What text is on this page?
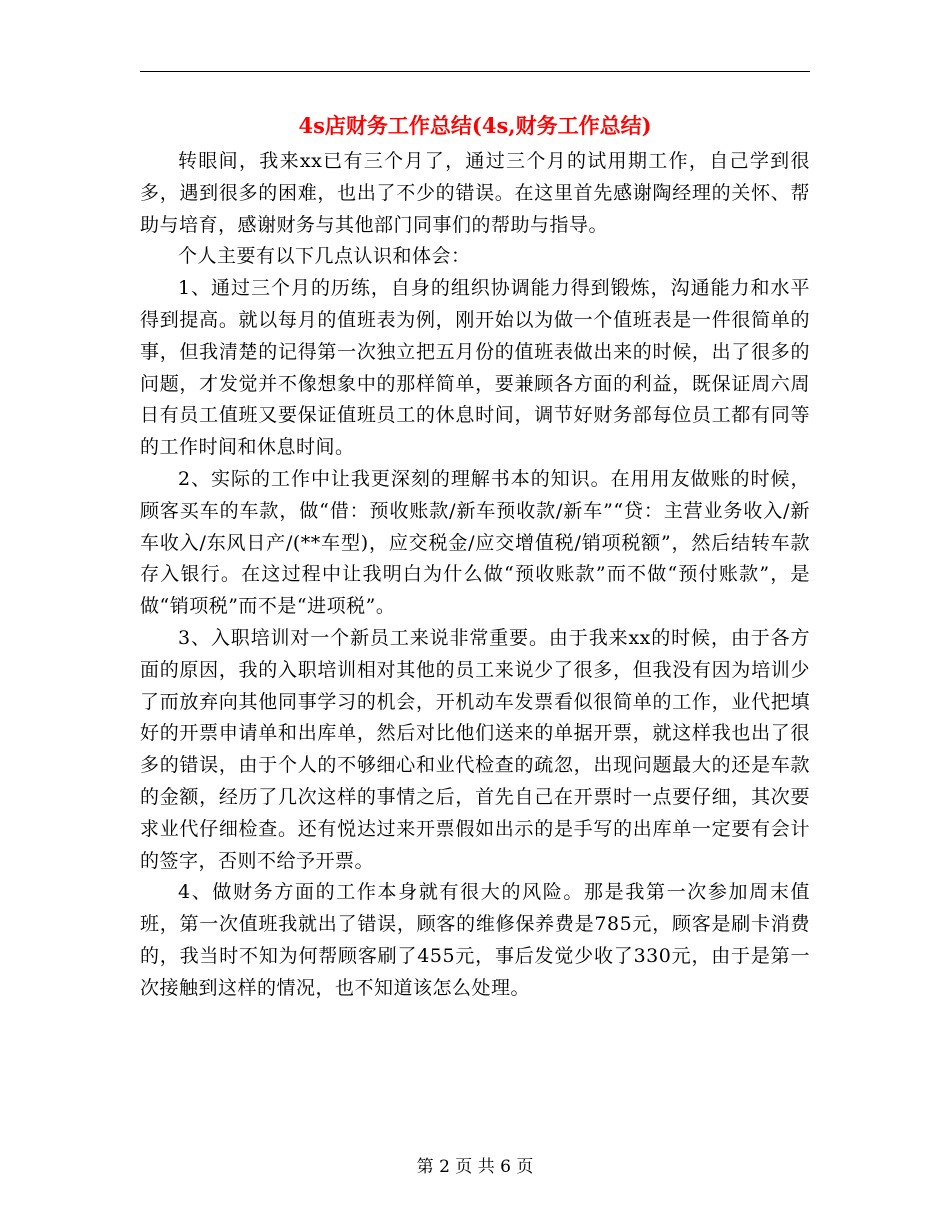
4s店财务工作总结(4s,财务工作总结)

转眼间，我来xx已有三个月了，通过三个月的试用期工作，自己学到很多，遇到很多的困难，也出了不少的错误。在这里首先感谢陶经理的关怀、帮助与培育，感谢财务与其他部门同事们的帮助与指导。

个人主要有以下几点认识和体会：

1、通过三个月的历练，自身的组织协调能力得到锻炼，沟通能力和水平得到提高。就以每月的值班表为例，刚开始以为做一个值班表是一件很简单的事，但我清楚的记得第一次独立把五月份的值班表做出来的时候，出了很多的问题，才发觉并不像想象中的那样简单，要兼顾各方面的利益，既保证周六周日有员工值班又要保证值班员工的休息时间，调节好财务部每位员工都有同等的工作时间和休息时间。

2、实际的工作中让我更深刻的理解书本的知识。在用用友做账的时候，顾客买车的车款，做“借：预收账款/新车预收款/新车”“贷：主营业务收入/新车收入/东风日产/(**车型)，应交税金/应交增值税/销项税额”，然后结转车款存入银行。在这过程中让我明白为什么做“预收账款”而不做“预付账款”，是做“销项税”而不是“进项税”。

3、入职培训对一个新员工来说非常重要。由于我来xx的时候，由于各方面的原因，我的入职培训相对其他的员工来说少了很多，但我没有因为培训少了而放弃向其他同事学习的机会，开机动车发票看似很简单的工作，业代把填好的开票申请单和出库单，然后对比他们送来的单据开票，就这样我也出了很多的错误，由于个人的不够细心和业代检查的疏忽，出现问题最大的还是车款的金额，经历了几次这样的事情之后，首先自己在开票时一点要仔细，其次要求业代仔细检查。还有悦达过来开票假如出示的是手写的出库单一定要有会计的签字，否则不给予开票。

4、做财务方面的工作本身就有很大的风险。那是我第一次参加周末值班，第一次值班我就出了错误，顾客的维修保养费是785元，顾客是刷卡消费的，我当时不知为何帮顾客刷了455元，事后发觉少收了330元，由于是第一次接触到这样的情况，也不知道该怎么处理。

第 2 页 共 6 页
